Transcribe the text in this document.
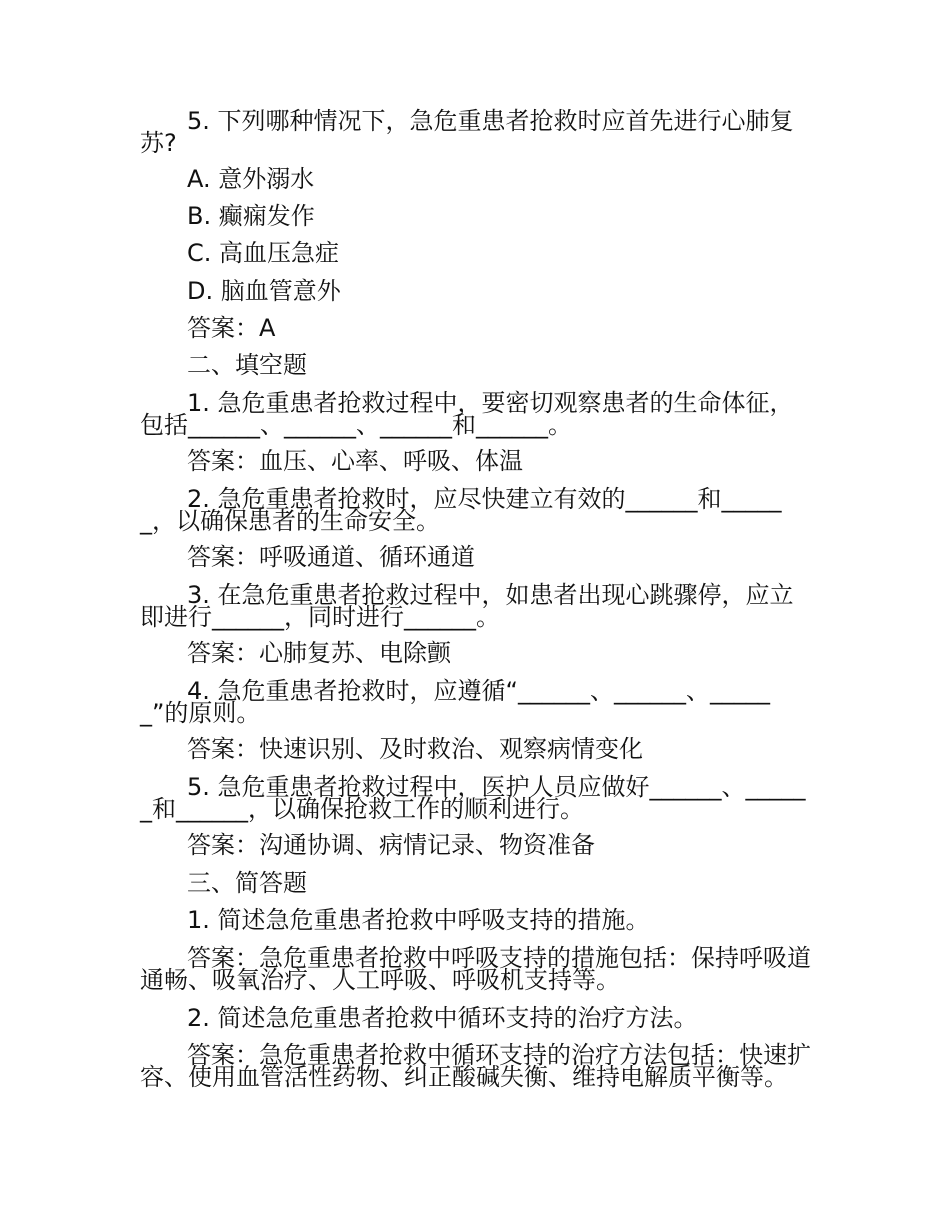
5. 下列哪种情况下，急危重患者抢救时应首先进行心肺复苏?

A. 意外溺水

B. 癫痫发作

C. 高血压急症

D. 脑血管意外

答案：A

二、填空题

1. 急危重患者抢救过程中，要密切观察患者的生命体征，包括______、______、______和______。

答案：血压、心率、呼吸、体温

2. 急危重患者抢救时，应尽快建立有效的______和______，以确保患者的生命安全。

答案：呼吸通道、循环通道

3. 在急危重患者抢救过程中，如患者出现心跳骤停，应立即进行______，同时进行______。

答案：心肺复苏、电除颤

4. 急危重患者抢救时，应遵循“______、______、______”的原则。

答案：快速识别、及时救治、观察病情变化

5. 急危重患者抢救过程中，医护人员应做好______、______和______，以确保抢救工作的顺利进行。

答案：沟通协调、病情记录、物资准备

三、简答题

1. 简述急危重患者抢救中呼吸支持的措施。

答案：急危重患者抢救中呼吸支持的措施包括：保持呼吸道通畅、吸氧治疗、人工呼吸、呼吸机支持等。

2. 简述急危重患者抢救中循环支持的治疗方法。

答案：急危重患者抢救中循环支持的治疗方法包括：快速扩容、使用血管活性药物、纠正酸碱失衡、维持电解质平衡等。
